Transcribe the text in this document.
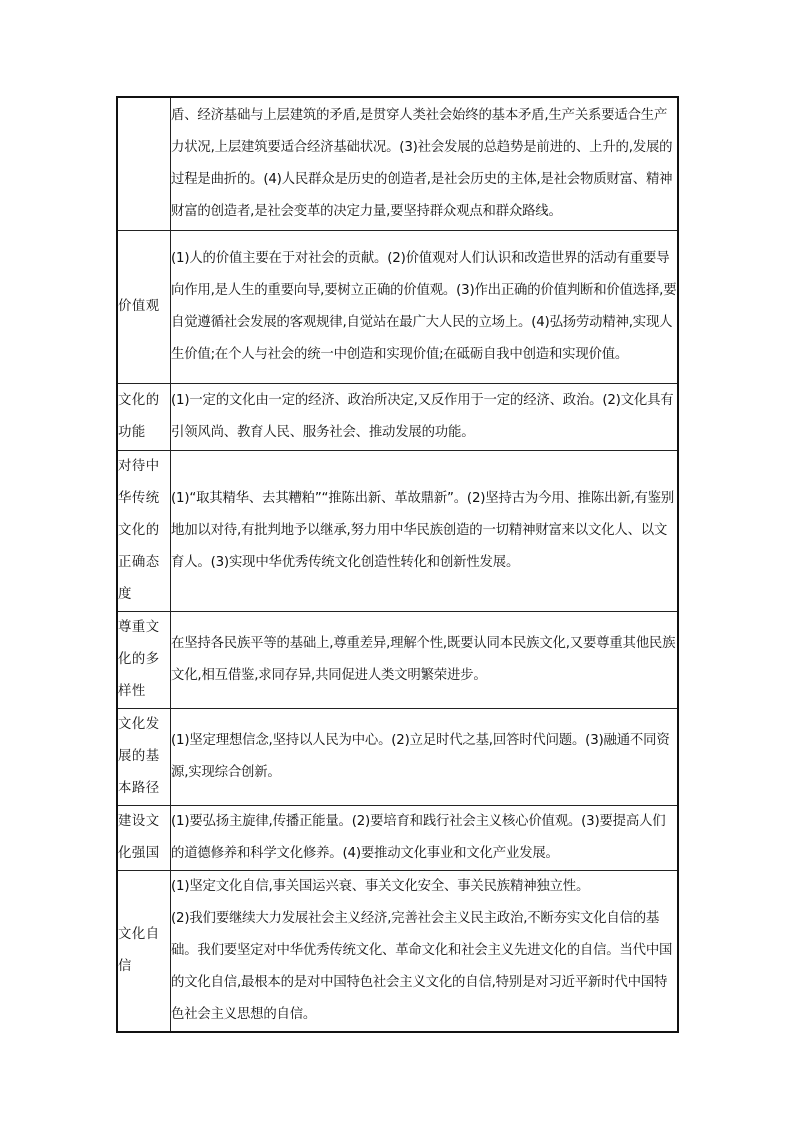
	盾、经济基础与上层建筑的矛盾,是贯穿人类社会始终的基本矛盾,生产关系要适合生产力状况,上层建筑要适合经济基础状况。(3)社会发展的总趋势是前进的、上升的,发展的过程是曲折的。(4)人民群众是历史的创造者,是社会历史的主体,是社会物质财富、精神财富的创造者,是社会变革的决定力量,要坚持群众观点和群众路线。

价值观	(1)人的价值主要在于对社会的贡献。(2)价值观对人们认识和改造世界的活动有重要导向作用,是人生的重要向导,要树立正确的价值观。(3)作出正确的价值判断和价值选择,要自觉遵循社会发展的客观规律,自觉站在最广大人民的立场上。(4)弘扬劳动精神,实现人生价值;在个人与社会的统一中创造和实现价值;在砥砺自我中创造和实现价值。

文化的功能	(1)一定的文化由一定的经济、政治所决定,又反作用于一定的经济、政治。(2)文化具有引领风尚、教育人民、服务社会、推动发展的功能。

对待中华传统文化的正确态度	(1)“取其精华、去其糟粕”“推陈出新、革故鼎新”。(2)坚持古为今用、推陈出新,有鉴别地加以对待,有批判地予以继承,努力用中华民族创造的一切精神财富来以文化人、以文育人。(3)实现中华优秀传统文化创造性转化和创新性发展。

尊重文化的多样性	在坚持各民族平等的基础上,尊重差异,理解个性,既要认同本民族文化,又要尊重其他民族文化,相互借鉴,求同存异,共同促进人类文明繁荣进步。

文化发展的基本路径	(1)坚定理想信念,坚持以人民为中心。(2)立足时代之基,回答时代问题。(3)融通不同资源,实现综合创新。

建设文化强国	(1)要弘扬主旋律,传播正能量。(2)要培育和践行社会主义核心价值观。(3)要提高人们的道德修养和科学文化修养。(4)要推动文化事业和文化产业发展。

文化自信	(1)坚定文化自信,事关国运兴衰、事关文化安全、事关民族精神独立性。

(2)我们要继续大力发展社会主义经济,完善社会主义民主政治,不断夯实文化自信的基础。我们要坚定对中华优秀传统文化、革命文化和社会主义先进文化的自信。当代中国的文化自信,最根本的是对中国特色社会主义文化的自信,特别是对习近平新时代中国特色社会主义思想的自信。
